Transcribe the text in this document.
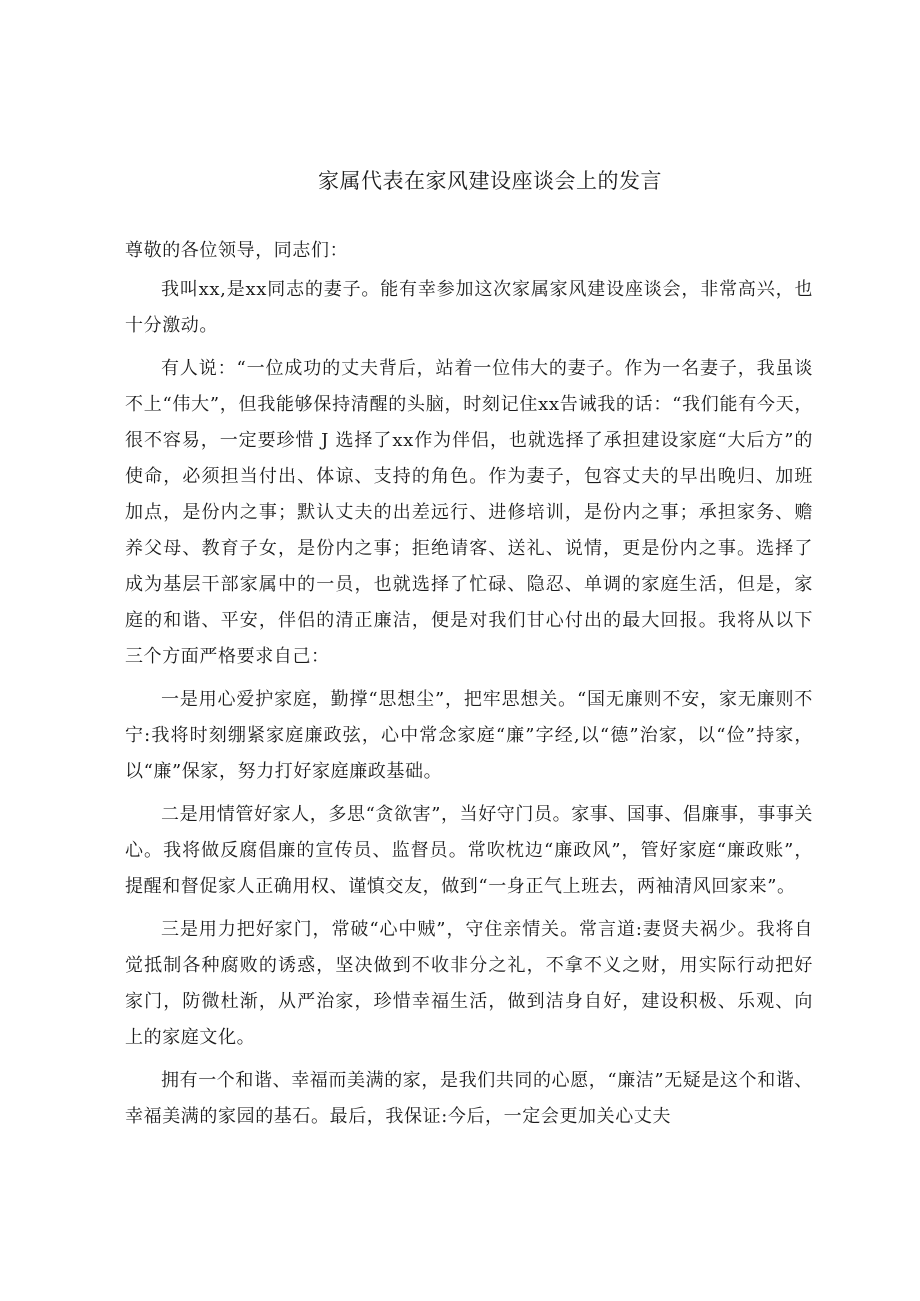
家属代表在家风建设座谈会上的发言

尊敬的各位领导，同志们：

我叫xx,是xx同志的妻子。能有幸参加这次家属家风建设座谈会，非常高兴，也十分激动。

有人说：“一位成功的丈夫背后，站着一位伟大的妻子。作为一名妻子，我虽谈不上“伟大”，但我能够保持清醒的头脑，时刻记住xx告诫我的话：“我们能有今天，很不容易，一定要珍惜 J 选择了xx作为伴侣，也就选择了承担建设家庭“大后方”的使命，必须担当付出、体谅、支持的角色。作为妻子，包容丈夫的早出晚归、加班加点，是份内之事；默认丈夫的出差远行、进修培训，是份内之事；承担家务、赡养父母、教育子女，是份内之事；拒绝请客、送礼、说情，更是份内之事。选择了成为基层干部家属中的一员，也就选择了忙碌、隐忍、单调的家庭生活，但是，家庭的和谐、平安，伴侣的清正廉洁，便是对我们甘心付出的最大回报。我将从以下三个方面严格要求自己：

一是用心爱护家庭，勤撑“思想尘”，把牢思想关。“国无廉则不安，家无廉则不宁:我将时刻绷紧家庭廉政弦，心中常念家庭“廉”字经,以“德”治家，以“俭”持家，以“廉”保家，努力打好家庭廉政基础。

二是用情管好家人，多思“贪欲害”，当好守门员。家事、国事、倡廉事，事事关心。我将做反腐倡廉的宣传员、监督员。常吹枕边“廉政风”，管好家庭“廉政账”，提醒和督促家人正确用权、谨慎交友，做到“一身正气上班去，两袖清风回家来”。

三是用力把好家门，常破“心中贼”，守住亲情关。常言道:妻贤夫祸少。我将自觉抵制各种腐败的诱惑，坚决做到不收非分之礼，不拿不义之财，用实际行动把好家门，防微杜渐，从严治家，珍惜幸福生活，做到洁身自好，建设积极、乐观、向上的家庭文化。

拥有一个和谐、幸福而美满的家，是我们共同的心愿，“廉洁”无疑是这个和谐、幸福美满的家园的基石。最后，我保证:今后，一定会更加关心丈夫
